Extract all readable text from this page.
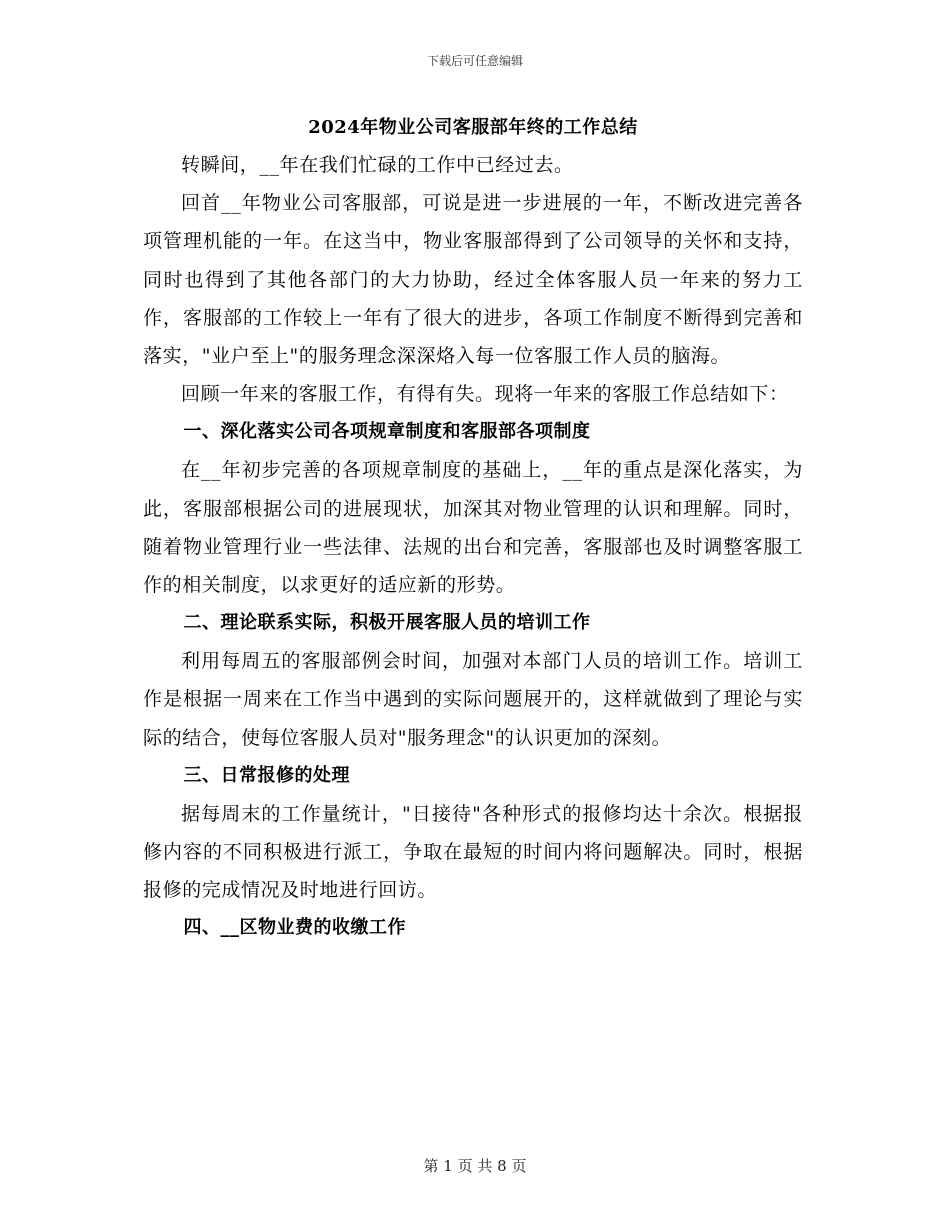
下载后可任意编辑
2024年物业公司客服部年终的工作总结

转瞬间，__年在我们忙碌的工作中已经过去。

回首__年物业公司客服部，可说是进一步进展的一年，不断改进完善各项管理机能的一年。在这当中，物业客服部得到了公司领导的关怀和支持，同时也得到了其他各部门的大力协助，经过全体客服人员一年来的努力工作，客服部的工作较上一年有了很大的进步，各项工作制度不断得到完善和落实，"业户至上"的服务理念深深烙入每一位客服工作人员的脑海。

回顾一年来的客服工作，有得有失。现将一年来的客服工作总结如下：

一、深化落实公司各项规章制度和客服部各项制度

在__年初步完善的各项规章制度的基础上，__年的重点是深化落实，为此，客服部根据公司的进展现状，加深其对物业管理的认识和理解。同时，随着物业管理行业一些法律、法规的出台和完善，客服部也及时调整客服工作的相关制度，以求更好的适应新的形势。

二、理论联系实际，积极开展客服人员的培训工作

利用每周五的客服部例会时间，加强对本部门人员的培训工作。培训工作是根据一周来在工作当中遇到的实际问题展开的，这样就做到了理论与实际的结合，使每位客服人员对"服务理念"的认识更加的深刻。

三、日常报修的处理

据每周末的工作量统计，"日接待"各种形式的报修均达十余次。根据报修内容的不同积极进行派工，争取在最短的时间内将问题解决。同时，根据报修的完成情况及时地进行回访。

四、__区物业费的收缴工作
第 1 页 共 8 页
